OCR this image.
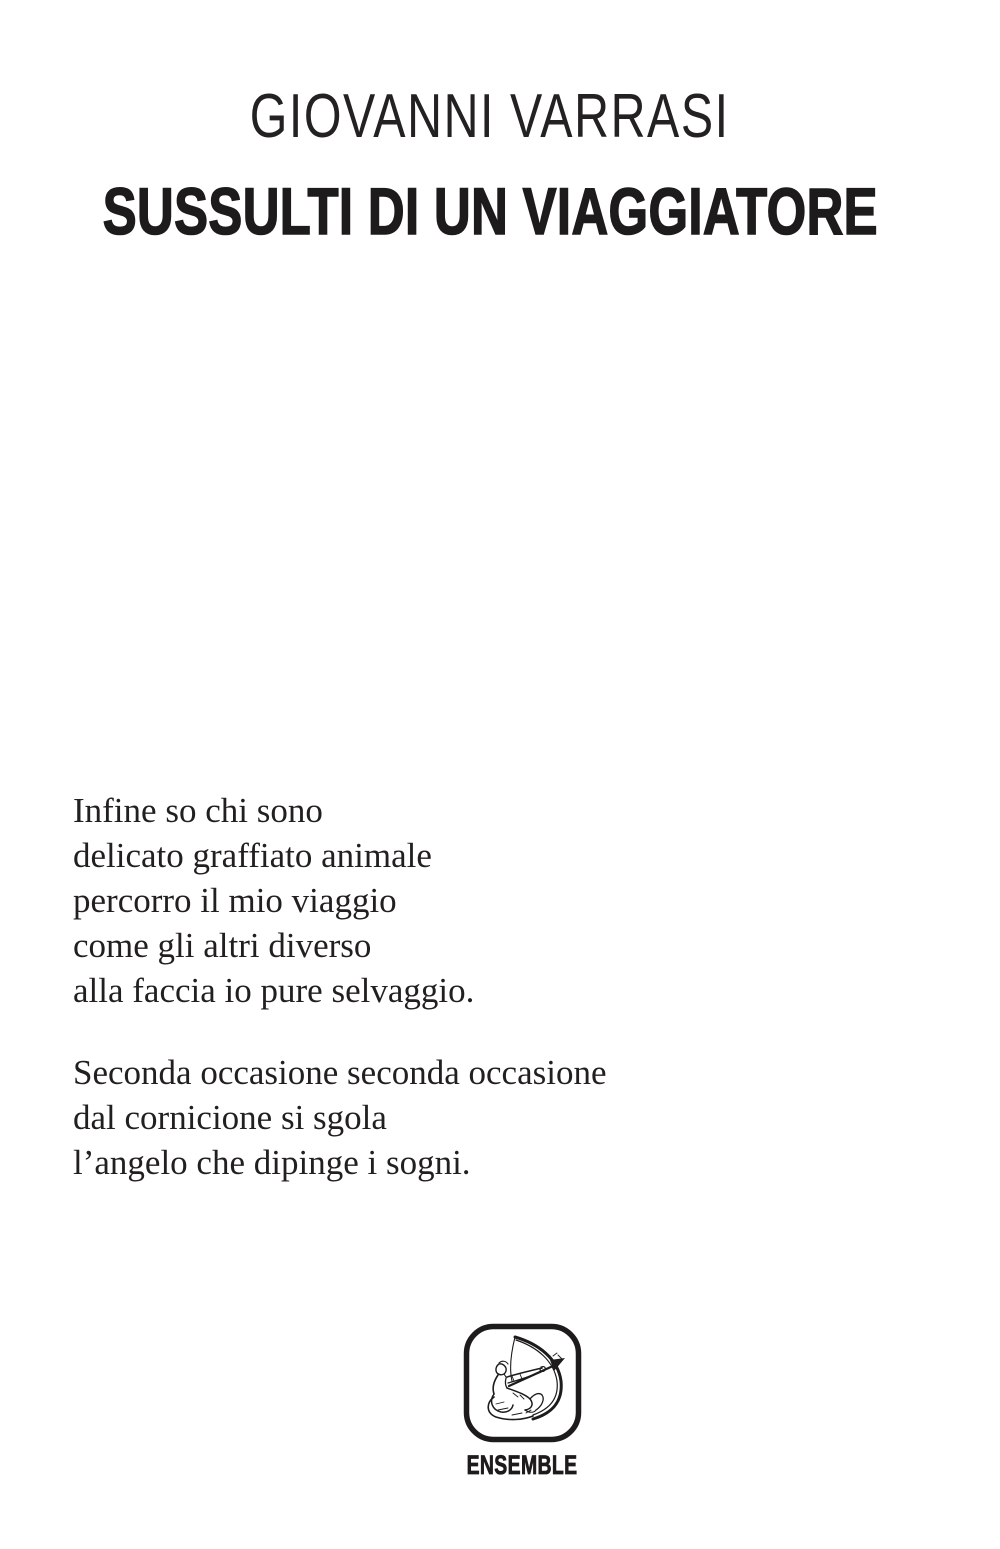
GIOVANNI VARRASI
SUSSULTI DI UN VIAGGIATORE
Infine so chi sono
delicato graffiato animale
percorro il mio viaggio
come gli altri diverso
alla faccia io pure selvaggio.
Seconda occasione seconda occasione
dal cornicione si sgola
l’angelo che dipinge i sogni.
ENSEMBLE
